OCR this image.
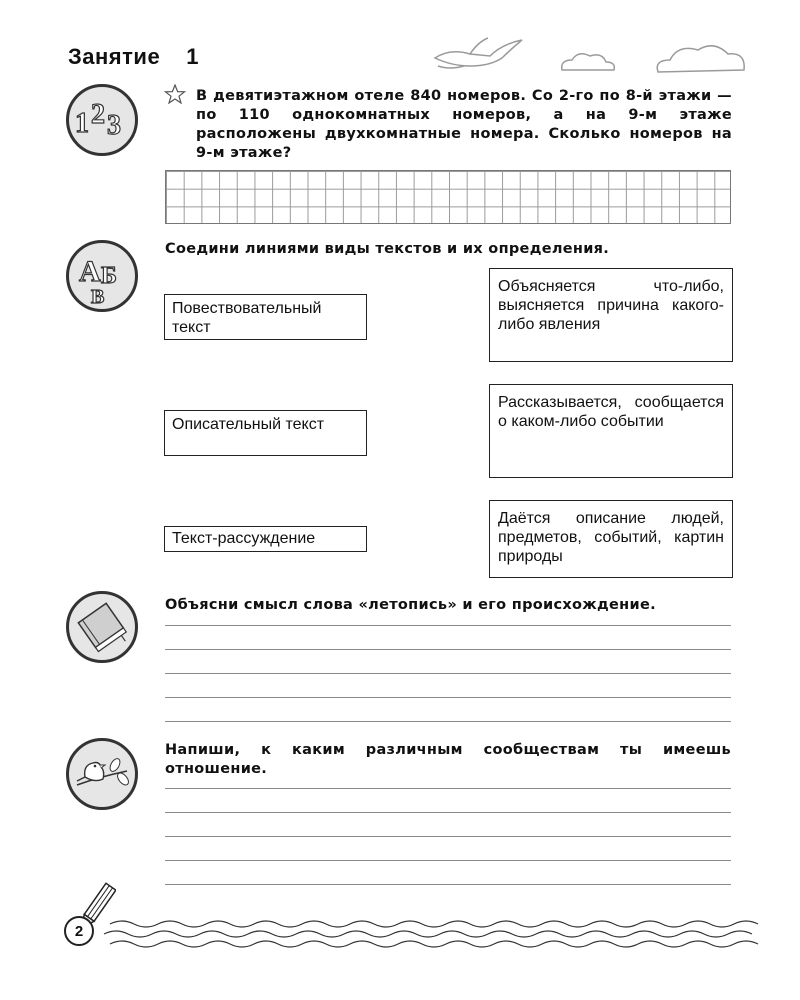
Занятие 1
1 2 3
В девятиэтажном отеле 840 номеров. Со 2-го по 8-й этажи — по 110 однокомнатных номеров, а на 9-м этаже расположены двухкомнатные номера. Сколько номеров на 9-м этаже?
А Б
В
Соедини линиями виды текстов и их определения.
Повествовательный текст
Описательный текст
Текст-рассуждение
Объясняется что-либо, выясняется причина какого-либо явления
Рассказывается, сообщается о каком-либо событии
Даётся описание людей, предметов, событий, картин природы
Объясни смысл слова «летопись» и его происхождение.
Напиши, к каким различным сообществам ты имеешь отношение.
2
